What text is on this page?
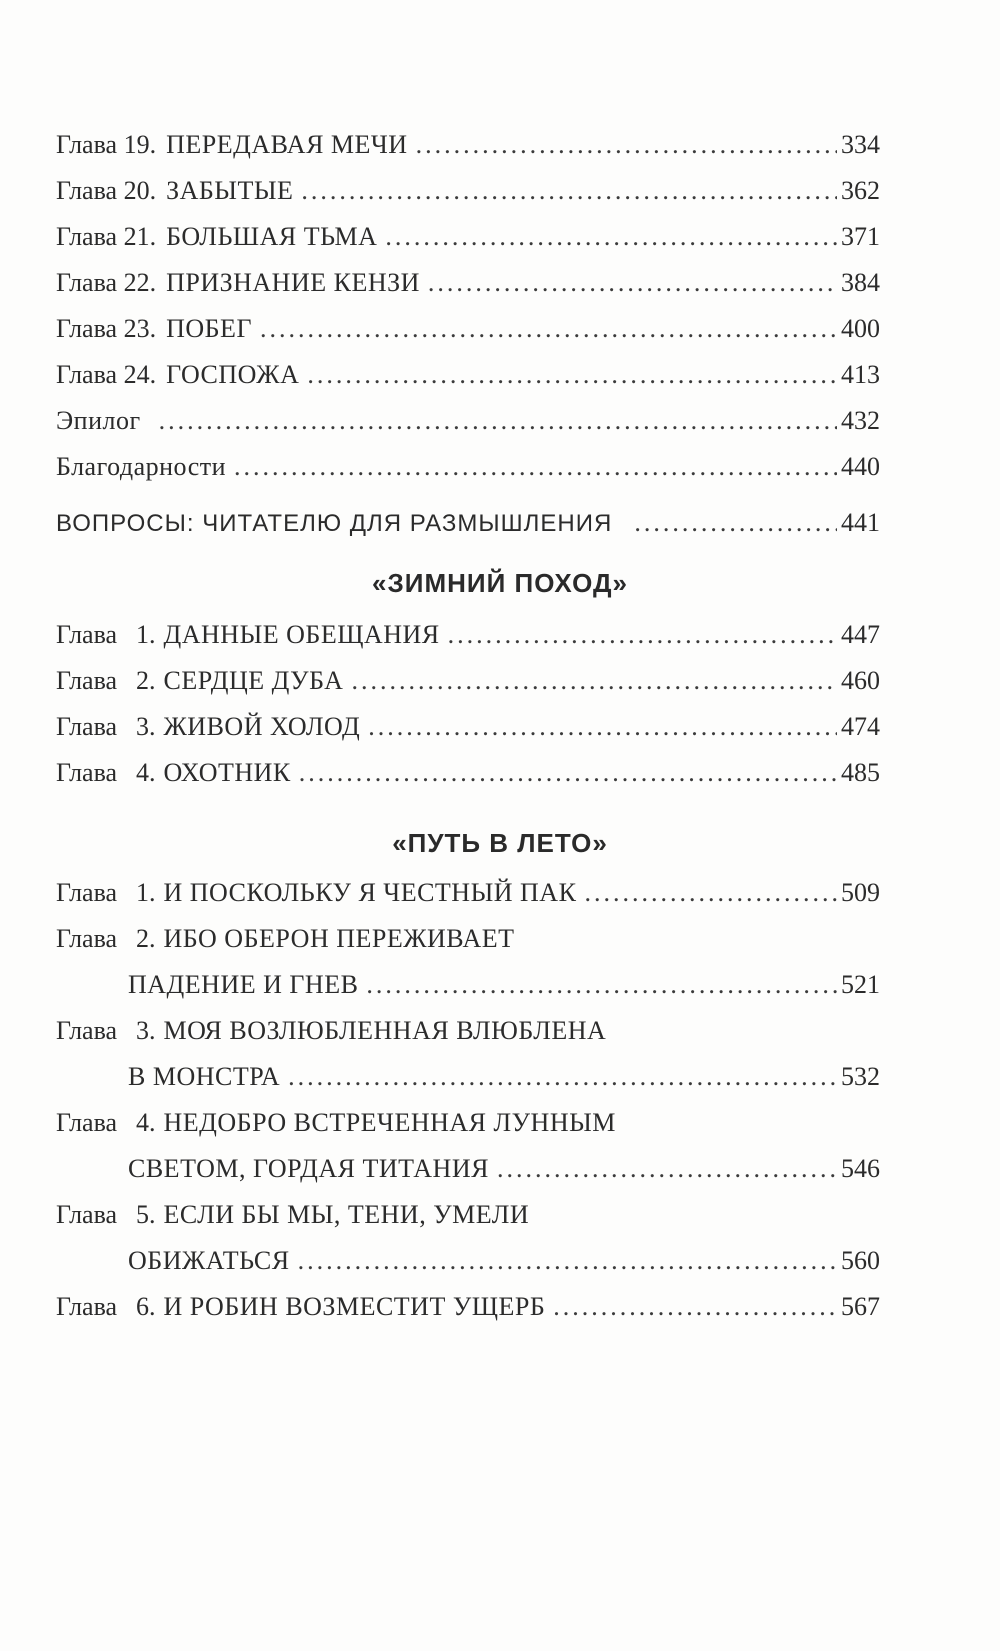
Глава 19. ПЕРЕДАВАЯ МЕЧИ .....	334
Глава 20. ЗАБЫТЫЕ .....	362
Глава 21. БОЛЬШАЯ ТЬМА .....	371
Глава 22. ПРИЗНАНИЕ КЕНЗИ .....	384
Глава 23. ПОБЕГ .....	400
Глава 24. ГОСПОЖА .....	413
Эпилог .....	432
Благодарности .....	440
ВОПРОСЫ: ЧИТАТЕЛЮ ДЛЯ РАЗМЫШЛЕНИЯ .....	441
«ЗИМНИЙ ПОХОД»
Глава 1. ДАННЫЕ ОБЕЩАНИЯ .....	447
Глава 2. СЕРДЦЕ ДУБА .....	460
Глава 3. ЖИВОЙ ХОЛОД .....	474
Глава 4. ОХОТНИК .....	485
«ПУТЬ В ЛЕТО»
Глава 1. И ПОСКОЛЬКУ Я ЧЕСТНЫЙ ПАК .....	509
Глава 2. ИБО ОБЕРОН ПЕРЕЖИВАЕТ
ПАДЕНИЕ И ГНЕВ .....	521
Глава 3. МОЯ ВОЗЛЮБЛЕННАЯ ВЛЮБЛЕНА
В МОНСТРА .....	532
Глава 4. НЕДОБРО ВСТРЕЧЕННАЯ ЛУННЫМ
СВЕТОМ, ГОРДАЯ ТИТАНИЯ .....	546
Глава 5. ЕСЛИ БЫ МЫ, ТЕНИ, УМЕЛИ
ОБИЖАТЬСЯ .....	560
Глава 6. И РОБИН ВОЗМЕСТИТ УЩЕРБ .....	567
